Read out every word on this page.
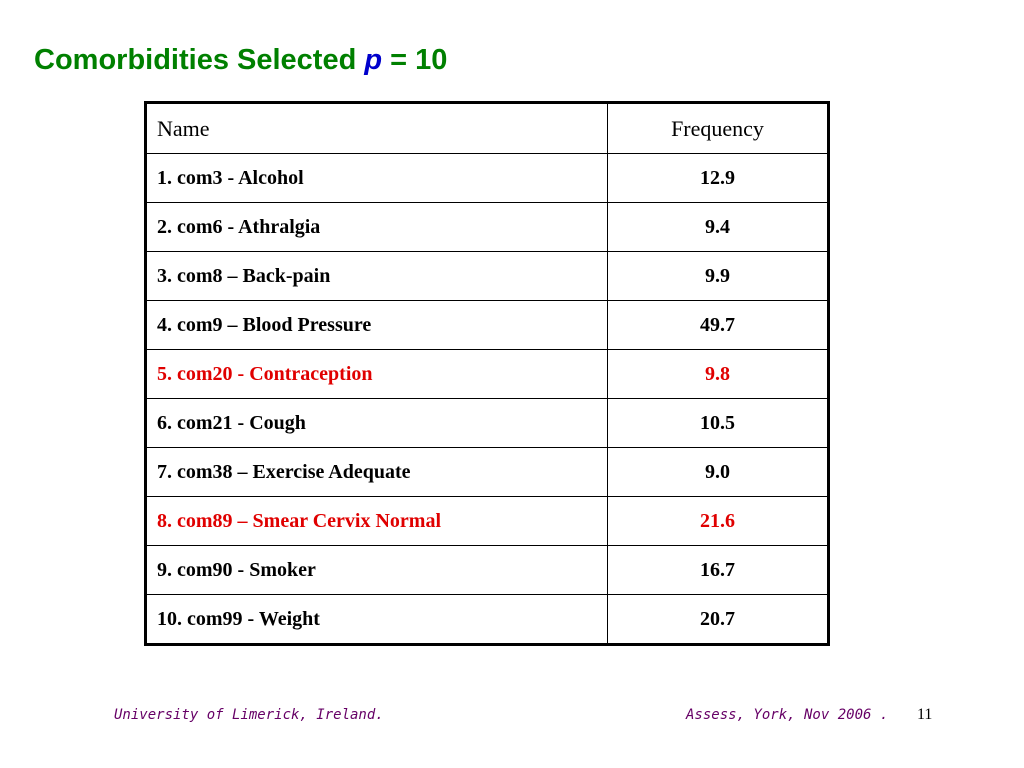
Comorbidities Selected p = 10
Name	Frequency
1. com3 - Alcohol	12.9
2. com6 - Athralgia	9.4
3. com8 – Back-pain	9.9
4. com9 – Blood Pressure	49.7
5. com20 - Contraception	9.8
6. com21 - Cough	10.5
7. com38 – Exercise Adequate	9.0
8. com89 – Smear Cervix Normal	21.6
9. com90 - Smoker	16.7
10. com99 - Weight	20.7
University of Limerick, Ireland.	Assess, York, Nov 2006 . 11
